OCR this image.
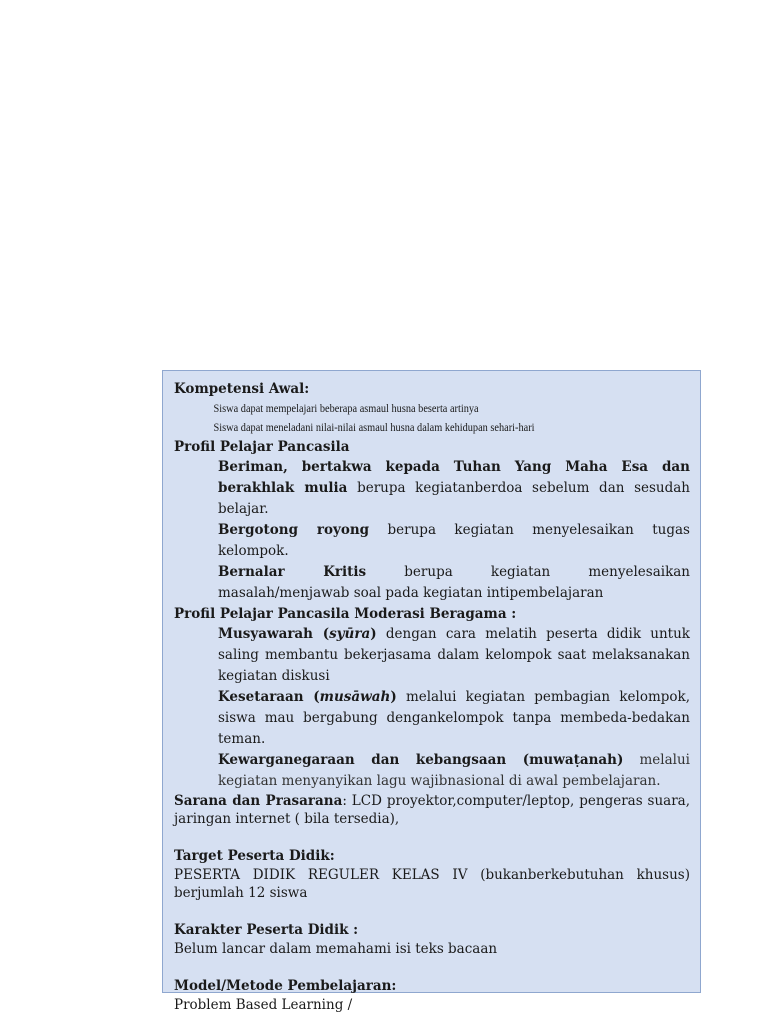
Kompetensi Awal:
Siswa dapat mempelajari beberapa asmaul husna beserta artinya
Siswa dapat meneladani nilai-nilai asmaul husna dalam kehidupan sehari-hari
Profil Pelajar Pancasila
Beriman, bertakwa kepada Tuhan Yang Maha Esa dan berakhlak mulia berupa kegiatanberdoa sebelum dan sesudah belajar.
Bergotong royong berupa kegiatan menyelesaikan tugas kelompok.
Bernalar Kritis berupa kegiatan menyelesaikan masalah/menjawab soal pada kegiatan intipembelajaran
Profil Pelajar Pancasila Moderasi Beragama :
Musyawarah (syūra) dengan cara melatih peserta didik untuk saling membantu bekerjasama dalam kelompok saat melaksanakan kegiatan diskusi
Kesetaraan (musāwah) melalui kegiatan pembagian kelompok, siswa mau bergabung dengankelompok tanpa membeda-bedakan teman.
Kewarganegaraan dan kebangsaan (muwaṭanah) melalui kegiatan menyanyikan lagu wajibnasional di awal pembelajaran.
Sarana dan Prasarana: LCD proyektor,computer/leptop, pengeras suara, jaringan internet ( bila tersedia),
Target Peserta Didik:
PESERTA DIDIK REGULER KELAS IV (bukanberkebutuhan khusus) berjumlah 12 siswa
Karakter Peserta Didik :
Belum lancar dalam memahami isi teks bacaan
Model/Metode Pembelajaran:
Problem Based Learning /
